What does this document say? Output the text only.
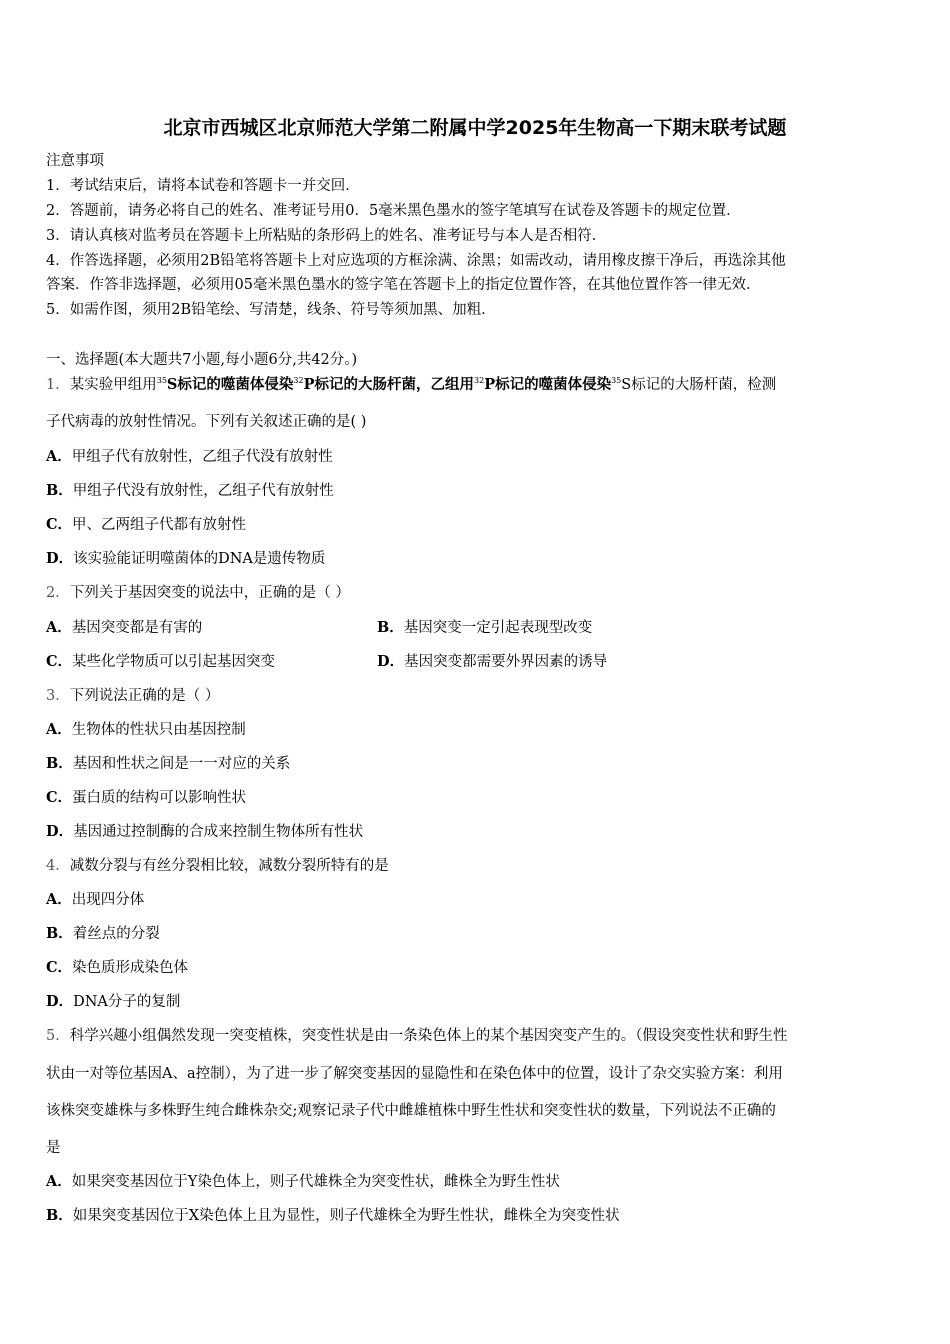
北京市西城区北京师范大学第二附属中学2025年生物高一下期末联考试题
注意事项
1．考试结束后，请将本试卷和答题卡一并交回．
2．答题前，请务必将自己的姓名、准考证号用0．5毫米黑色墨水的签字笔填写在试卷及答题卡的规定位置．
3．请认真核对监考员在答题卡上所粘贴的条形码上的姓名、准考证号与本人是否相符．
4．作答选择题，必须用2B铅笔将答题卡上对应选项的方框涂满、涂黑；如需改动，请用橡皮擦干净后，再选涂其他
答案．作答非选择题，必须用05毫米黑色墨水的签字笔在答题卡上的指定位置作答，在其他位置作答一律无效．
5．如需作图，须用2B铅笔绘、写清楚，线条、符号等须加黑、加粗．
一、选择题(本大题共7小题,每小题6分,共42分。)
1．某实验甲组用$^{35}$S标记的噬菌体侵染$^{32}$P标记的大肠杆菌，乙组用$^{32}$P标记的噬菌体侵染$^{35}$S标记的大肠杆菌，检测
子代病毒的放射性情况。下列有关叙述正确的是( )
A．甲组子代有放射性，乙组子代没有放射性
B．甲组子代没有放射性，乙组子代有放射性
C．甲、乙两组子代都有放射性
D．该实验能证明噬菌体的DNA是遗传物质
2．下列关于基因突变的说法中，正确的是（ ）
A．基因突变都是有害的	B．基因突变一定引起表现型改变
C．某些化学物质可以引起基因突变	D．基因突变都需要外界因素的诱导
3．下列说法正确的是（ ）
A．生物体的性状只由基因控制
B．基因和性状之间是一一对应的关系
C．蛋白质的结构可以影响性状
D．基因通过控制酶的合成来控制生物体所有性状
4．减数分裂与有丝分裂相比较，减数分裂所特有的是
A．出现四分体
B．着丝点的分裂
C．染色质形成染色体
D．DNA分子的复制
5．科学兴趣小组偶然发现一突变植株，突变性状是由一条染色体上的某个基因突变产生的。（假设突变性状和野生性
状由一对等位基因A、a控制），为了进一步了解突变基因的显隐性和在染色体中的位置，设计了杂交实验方案：利用
该株突变雄株与多株野生纯合雌株杂交;观察记录子代中雌雄植株中野生性状和突变性状的数量，下列说法不正确的
是
A．如果突变基因位于Y染色体上，则子代雄株全为突变性状，雌株全为野生性状
B．如果突变基因位于X染色体上且为显性，则子代雄株全为野生性状，雌株全为突变性状
